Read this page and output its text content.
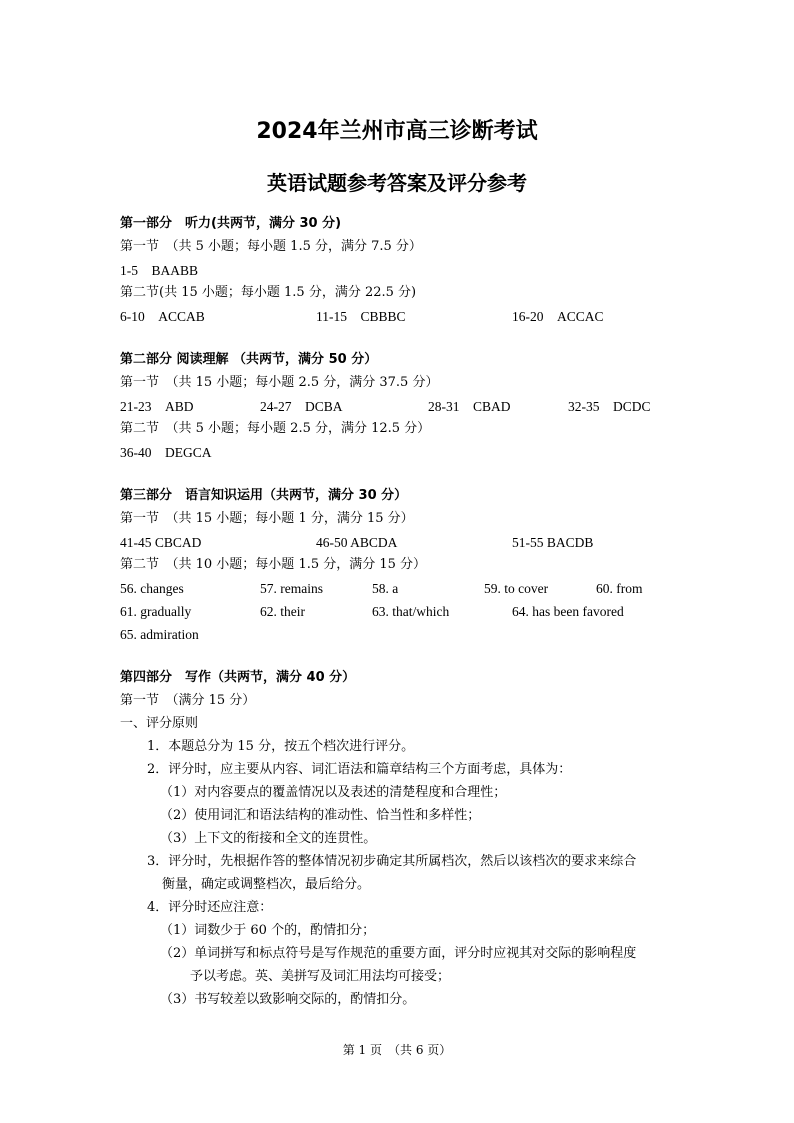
2024年兰州市高三诊断考试
英语试题参考答案及评分参考
第一部分　听力(共两节，满分 30 分)
第一节　（共 5 小题；每小题 1.5 分，满分 7.5 分）
1-5　BAABB
第二节(共 15 小题；每小题 1.5 分，满分 22.5 分)
6-10　ACCAB	11-15　CBBBC	16-20　ACCAC
第二部分 阅读理解 （共两节，满分 50 分）
第一节　（共 15 小题；每小题 2.5 分，满分 37.5 分）
21-23　ABD	24-27　DCBA	28-31　CBAD	32-35　DCDC
第二节　（共 5 小题；每小题 2.5 分，满分 12.5 分）
36-40　DEGCA
第三部分　语言知识运用（共两节，满分 30 分）
第一节　（共 15 小题；每小题 1 分，满分 15 分）
41-45 CBCAD	46-50 ABCDA	51-55 BACDB
第二节　（共 10 小题；每小题 1.5 分，满分 15 分）
56. changes	57. remains	58. a	59. to cover	60. from
61. gradually	62. their	63. that/which	64. has been favored
65. admiration
第四部分　写作（共两节，满分 40 分）
第一节　（满分 15 分）
一、评分原则
1．本题总分为 15 分，按五个档次进行评分。
2．评分时，应主要从内容、词汇语法和篇章结构三个方面考虑，具体为：
（1）对内容要点的覆盖情况以及表述的清楚程度和合理性；
（2）使用词汇和语法结构的准动性、恰当性和多样性；
（3）上下文的衔接和全文的连贯性。
3．评分时，先根据作答的整体情况初步确定其所属档次，然后以该档次的要求来综合
衡量，确定或调整档次，最后给分。
4．评分时还应注意：
（1）词数少于 60 个的，酌情扣分；
（2）单词拼写和标点符号是写作规范的重要方面，评分时应视其对交际的影响程度
予以考虑。英、美拼写及词汇用法均可接受；
（3）书写较差以致影响交际的，酌情扣分。
第 1 页　（共 6 页）
